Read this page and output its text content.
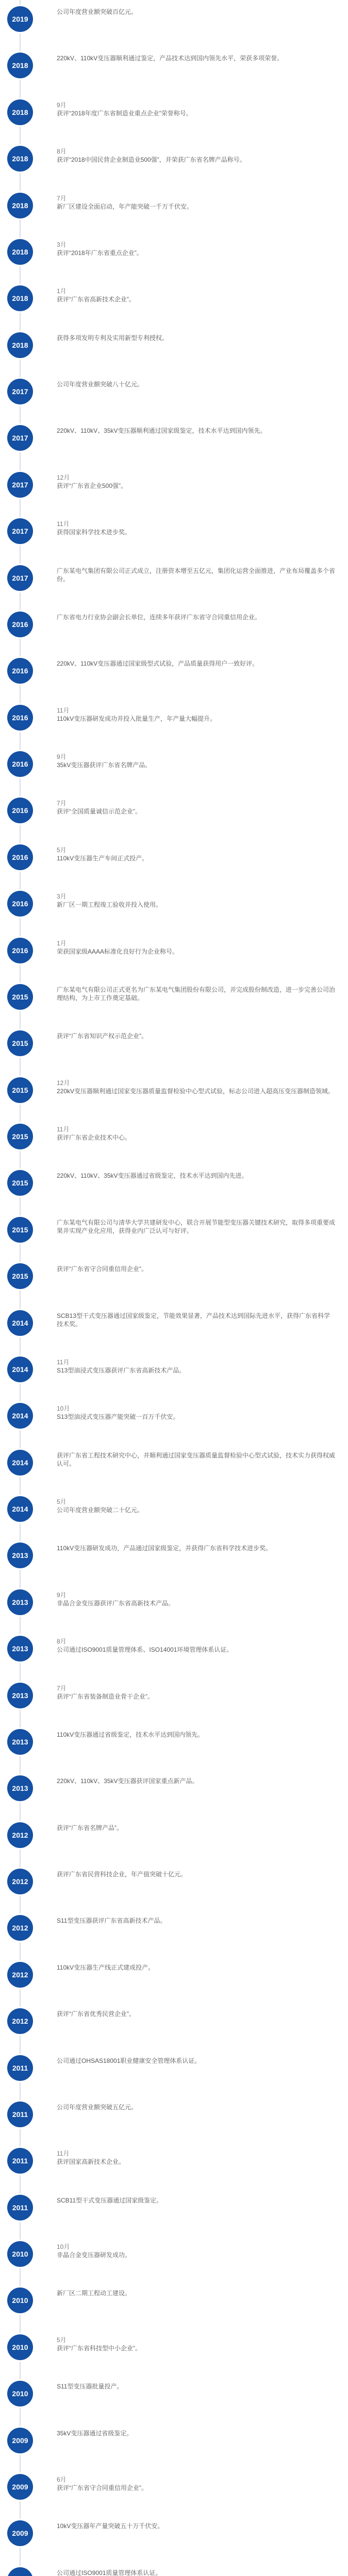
2019
公司年度营业额突破百亿元。
2018
220kV、110kV变压器顺利通过鉴定，产品技术达到国内领先水平，荣获多项荣誉。
2018
9月
获评“2018年度广东省制造业重点企业”荣誉称号。
2018
8月
获评“2018中国民营企业制造业500强”，并荣获广东省名牌产品称号。
2018
7月
新厂区建设全面启动，年产能突破一千万千伏安。
2018
3月
获评“2018年广东省重点企业”。
2018
1月
获评“广东省高新技术企业”。
2018
获得多项发明专利及实用新型专利授权。
2017
公司年度营业额突破八十亿元。
2017
220kV、110kV、35kV变压器顺利通过国家级鉴定，技术水平达到国内领先。
2017
12月
获评“广东省企业500强”。
2017
11月
获得国家科学技术进步奖。
2017
广东某电气集团有限公司正式成立，注册资本增至五亿元，集团化运营全面推进，产业布局覆盖多个省份。
2016
广东省电力行业协会副会长单位，连续多年获评广东省守合同重信用企业。
2016
220kV、110kV变压器通过国家级型式试验，产品质量获得用户一致好评。
2016
11月
110kV变压器研发成功并投入批量生产，年产量大幅提升。
2016
9月
35kV变压器获评广东省名牌产品。
2016
7月
获评“全国质量诚信示范企业”。
2016
5月
110kV变压器生产车间正式投产。
2016
3月
新厂区一期工程竣工验收并投入使用。
2016
1月
荣获国家级AAAA标准化良好行为企业称号。
2015
广东某电气有限公司正式更名为广东某电气集团股份有限公司，并完成股份制改造，进一步完善公司治理结构，为上市工作奠定基础。
2015
获评“广东省知识产权示范企业”。
2015
12月
220kV变压器顺利通过国家变压器质量监督检验中心型式试验，标志公司进入超高压变压器制造领域。
2015
11月
获评广东省企业技术中心。
2015
220kV、110kV、35kV变压器通过省级鉴定，技术水平达到国内先进。
2015
广东某电气有限公司与清华大学共建研发中心，联合开展节能型变压器关键技术研究，取得多项重要成果并实现产业化应用，获得业内广泛认可与好评。
2015
获评“广东省守合同重信用企业”。
2014
SCB13型干式变压器通过国家级鉴定，节能效果显著，产品技术达到国际先进水平，获得广东省科学技术奖。
2014
11月
S13型油浸式变压器获评广东省高新技术产品。
2014
10月
S13型油浸式变压器产能突破一百万千伏安。
2014
获评广东省工程技术研究中心，并顺利通过国家变压器质量监督检验中心型式试验，技术实力获得权威认可。
2014
5月
公司年度营业额突破二十亿元。
2013
110kV变压器研发成功，产品通过国家级鉴定，并获得广东省科学技术进步奖。
2013
9月
非晶合金变压器获评广东省高新技术产品。
2013
8月
公司通过ISO9001质量管理体系、ISO14001环境管理体系认证。
2013
7月
获评“广东省装备制造业骨干企业”。
2013
110kV变压器通过省级鉴定，技术水平达到国内领先。
2013
220kV、110kV、35kV变压器获评国家重点新产品。
2012
获评“广东省名牌产品”。
2012
获评广东省民营科技企业，年产值突破十亿元。
2012
S11型变压器获评广东省高新技术产品。
2012
110kV变压器生产线正式建成投产。
2012
获评“广东省优秀民营企业”。
2011
公司通过OHSAS18001职业健康安全管理体系认证。
2011
公司年度营业额突破五亿元。
2011
11月
获评国家高新技术企业。
2011
SCB11型干式变压器通过国家级鉴定。
2010
10月
非晶合金变压器研发成功。
2010
新厂区二期工程动工建设。
2010
5月
获评“广东省科技型中小企业”。
2010
S11型变压器批量投产。
2009
35kV变压器通过省级鉴定。
2009
6月
获评“广东省守合同重信用企业”。
2009
10kV变压器年产量突破五十万千伏安。
公司通过ISO9001质量管理体系认证。
